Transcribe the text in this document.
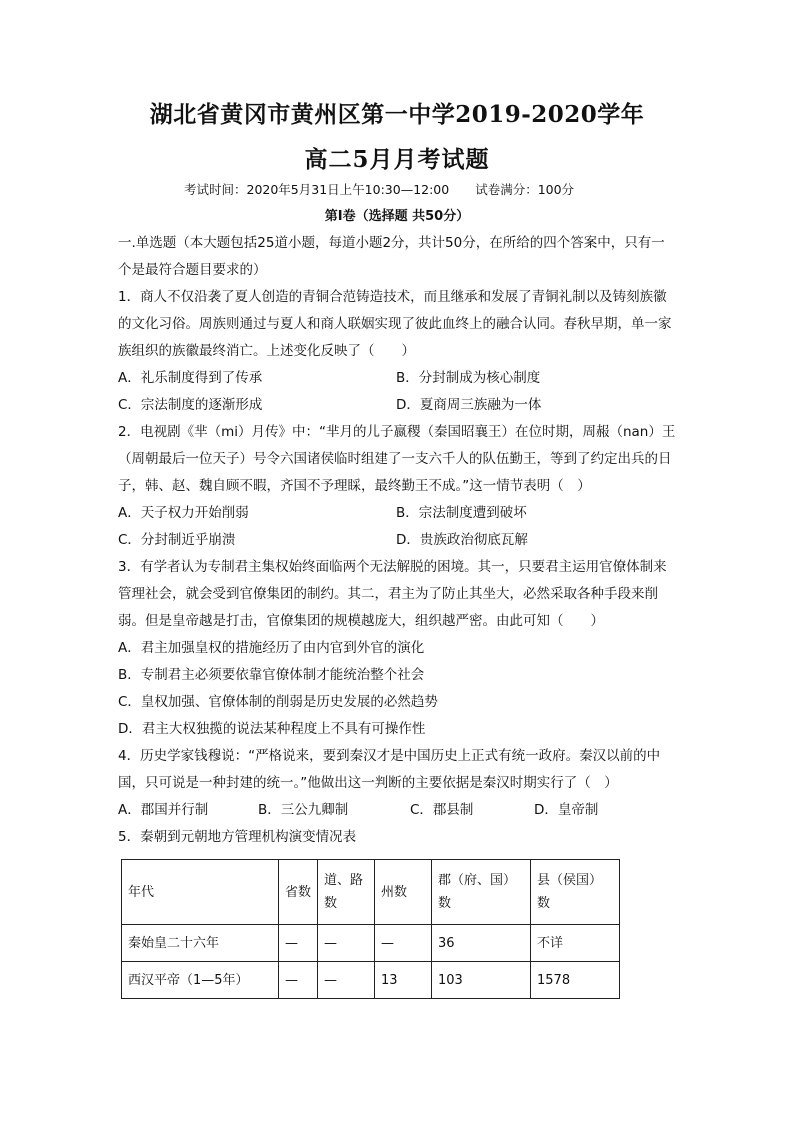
湖北省黄冈市黄州区第一中学2019-2020学年
高二5月月考试题
考试时间：2020年5月31日上午10:30—12:00 试卷满分：100分
第Ⅰ卷（选择题 共50分）

一.单选题（本大题包括25道小题，每道小题2分，共计50分，在所给的四个答案中，只有一个是最符合题目要求的）

1．商人不仅沿袭了夏人创造的青铜合范铸造技术，而且继承和发展了青铜礼制以及铸刻族徽的文化习俗。周族则通过与夏人和商人联姻实现了彼此血终上的融合认同。春秋早期，单一家族组织的族徽最终消亡。上述变化反映了（　　）

A．礼乐制度得到了传承	B．分封制成为核心制度
C．宗法制度的逐渐形成	D．夏商周三族融为一体

2．电视剧《芈（mi）月传》中：“芈月的儿子嬴稷（秦国昭襄王）在位时期，周赧（nan）王（周朝最后一位天子）号令六国诸侯临时组建了一支六千人的队伍勤王，等到了约定出兵的日子，韩、赵、魏自顾不暇，齐国不予理睬，最终勤王不成。”这一情节表明（　）

A．天子权力开始削弱	B．宗法制度遭到破坏
C．分封制近乎崩溃	D．贵族政治彻底瓦解

3．有学者认为专制君主集权始终面临两个无法解脱的困境。其一，只要君主运用官僚体制来管理社会，就会受到官僚集团的制约。其二，君主为了防止其坐大，必然采取各种手段来削弱。但是皇帝越是打击，官僚集团的规模越庞大，组织越严密。由此可知（　　）

A．君主加强皇权的措施经历了由内官到外官的演化

B．专制君主必须要依靠官僚体制才能统治整个社会

C．皇权加强、官僚体制的削弱是历史发展的必然趋势

D．君主大权独揽的说法某种程度上不具有可操作性

4．历史学家钱穆说：“严格说来，要到秦汉才是中国历史上正式有统一政府。秦汉以前的中国，只可说是一种封建的统一。”他做出这一判断的主要依据是秦汉时期实行了（　）

A．郡国并行制	B．三公九卿制	C．郡县制	D．皇帝制

5．秦朝到元朝地方管理机构演变情况表

年代	省数	道、路数	州数	郡（府、国）数	县（侯国）数
秦始皇二十六年	—	—	—	36	不详
西汉平帝（1—5年）	—	—	13	103	1578
